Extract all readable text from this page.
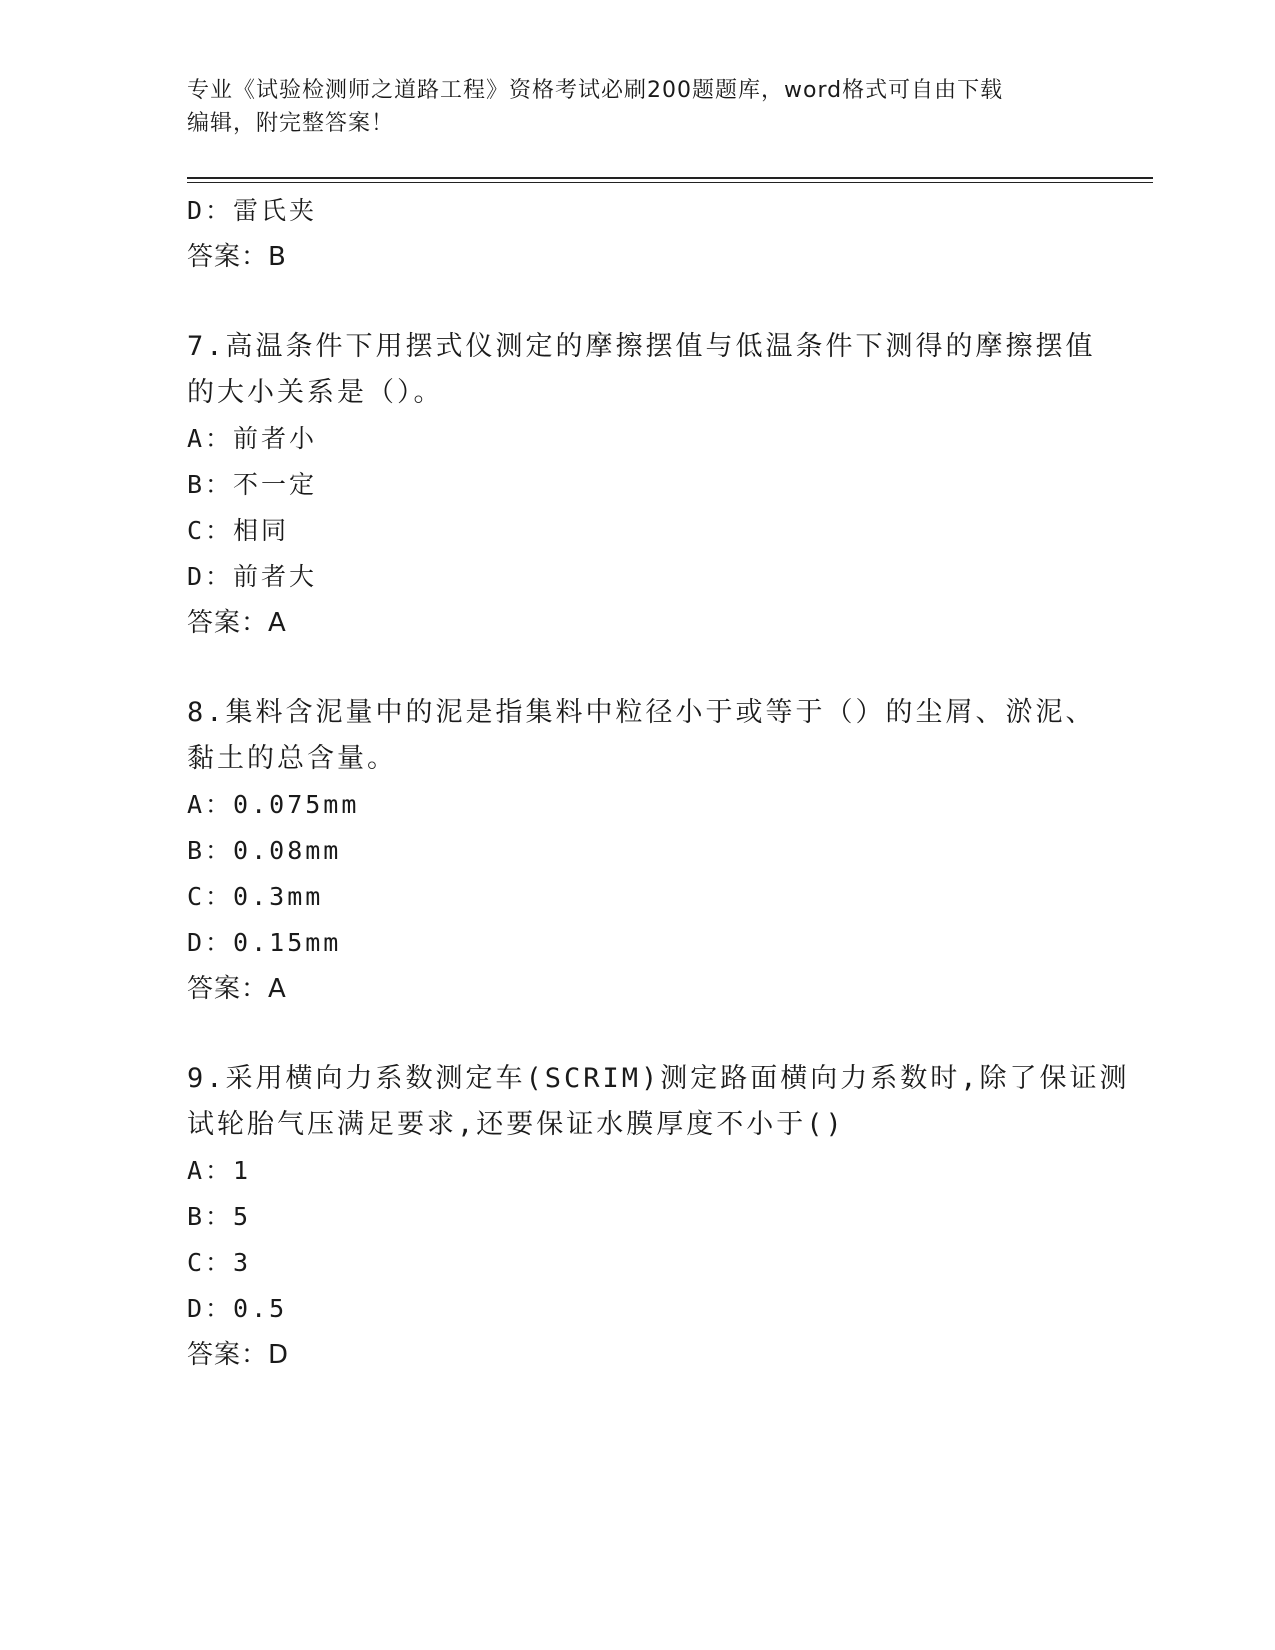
专业《试验检测师之道路工程》资格考试必刷200题题库，word格式可自由下载
编辑，附完整答案！
D：雷氏夹
答案：B
7.高温条件下用摆式仪测定的摩擦摆值与低温条件下测得的摩擦摆值
的大小关系是（）。
A：前者小
B：不一定
C：相同
D：前者大
答案：A
8.集料含泥量中的泥是指集料中粒径小于或等于（）的尘屑、淤泥、
黏土的总含量。
A：0.075mm
B：0.08mm
C：0.3mm
D：0.15mm
答案：A
9.采用横向力系数测定车(SCRIM)测定路面横向力系数时,除了保证测
试轮胎气压满足要求,还要保证水膜厚度不小于()
A：1
B：5
C：3
D：0.5
答案：D
